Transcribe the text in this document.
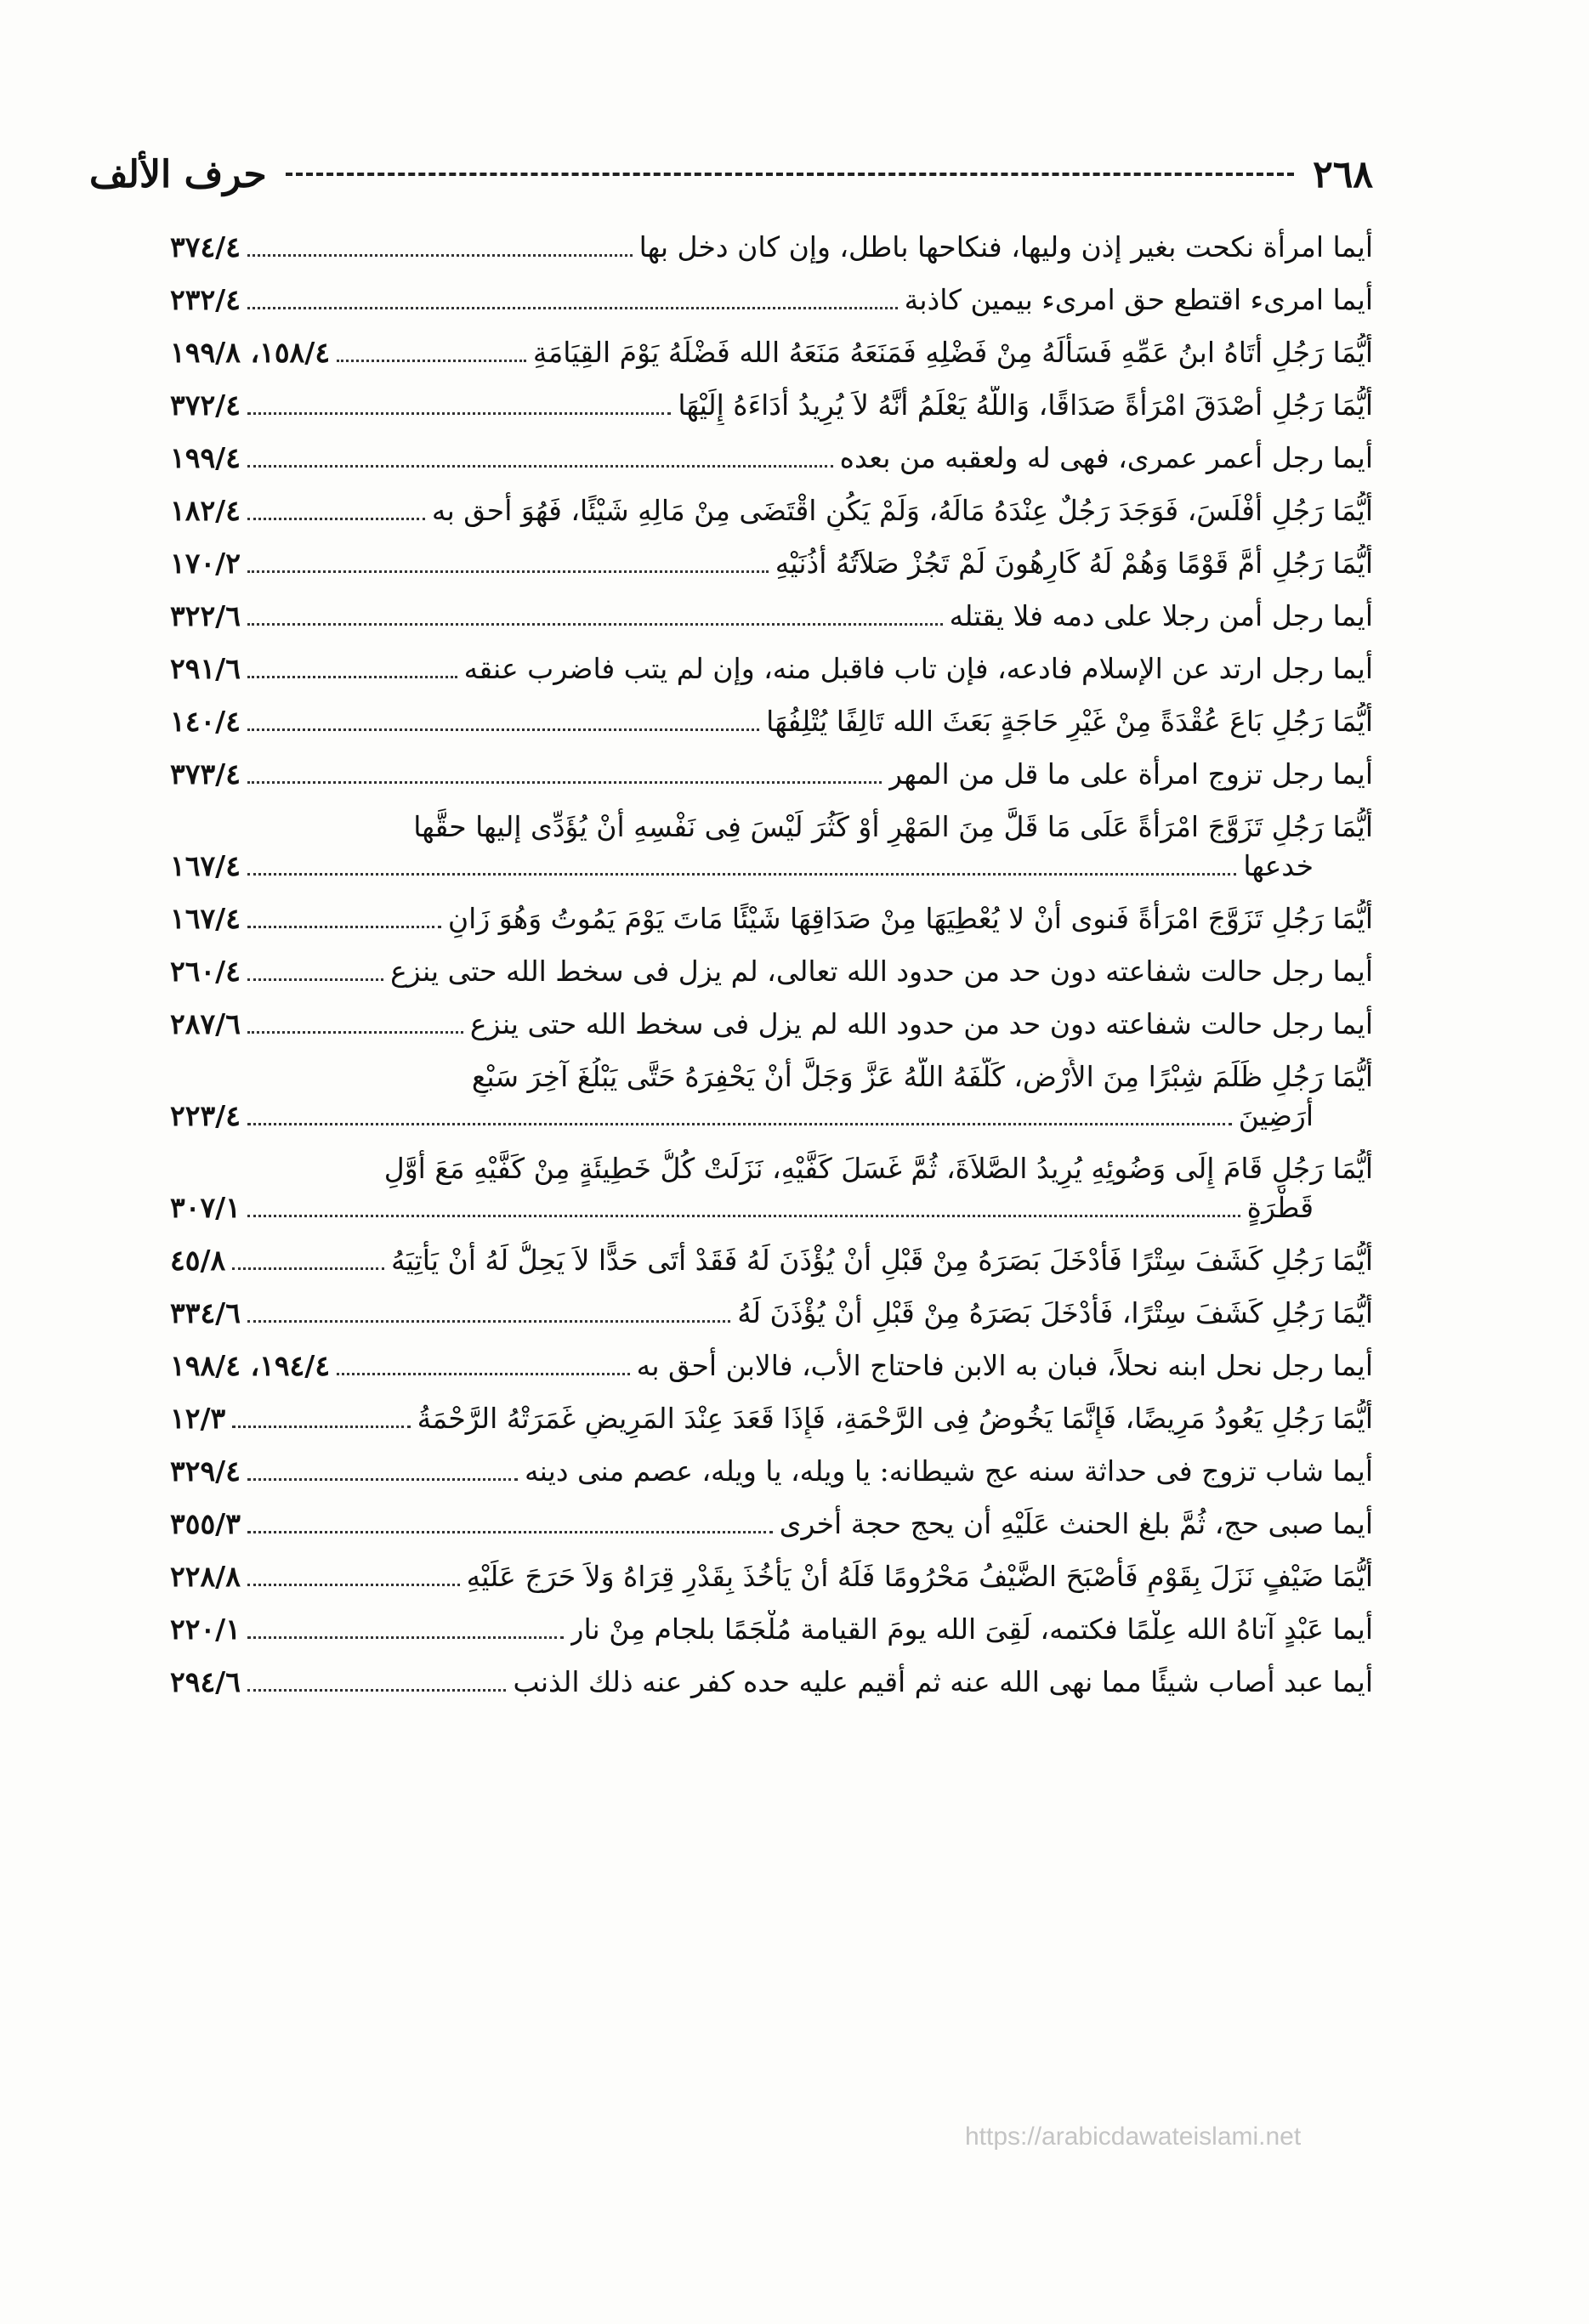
٢٦٨
حرف الألف
أيما امرأة نكحت بغير إذن وليها، فنكاحها باطل، وإن كان دخل بها
٣٧٤/٤
أيما امرىء اقتطع حق امرىء بيمين كاذبة
٢٣٢/٤
أَيُّمَا رَجُلٍ أَتَاهُ ابنُ عَمِّهِ فَسَأَلَهُ مِنْ فَضْلِهِ فَمَنَعَهُ مَنَعَهُ الله فَضْلَهُ يَوْمَ القِيَامَةِ
١٥٨/٤، ١٩٩/٨
أَيُّمَا رَجُلٍ أَصْدَقَ امْرَأَةً صَدَاقًا، وَاللَّهُ يَعْلَمُ أَنَّهُ لاَ يُرِيدُ أَدَاءَهُ إِلَيْهَا
٣٧٢/٤
أيما رجل أعمر عمرى، فهى له ولعقبه من بعده
١٩٩/٤
أَيُّمَا رَجُلٍ أَفْلَسَ، فَوَجَدَ رَجُلٌ عِنْدَهُ مَالَهُ، وَلَمْ يَكُنِ اقْتَضَى مِنْ مَالِهِ شَيْئًا، فَهُوَ أحق به
١٨٢/٤
أَيُّمَا رَجُلٍ أَمَّ قَوْمًا وَهُمْ لَهُ كَارِهُونَ لَمْ تَجُزْ صَلاَتُهُ أُذُنَيْهِ
١٧٠/٢
أيما رجل أمن رجلا على دمه فلا يقتله
٣٢٢/٦
أيما رجل ارتد عن الإسلام فادعه، فإن تاب فاقبل منه، وإن لم يتب فاضرب عنقه
٢٩١/٦
أَيُّمَا رَجُلٍ بَاعَ عُقْدَةً مِنْ غَيْرِ حَاجَةٍ بَعَثَ الله تَالِفًا يُتْلِفُهَا
١٤٠/٤
أيما رجل تزوج امرأة على ما قل من المهر
٣٧٣/٤
أَيُّمَا رَجُلٍ تَزَوَّجَ امْرَأَةً عَلَى مَا قَلَّ مِنَ المَهْرِ أَوْ كَثُرَ لَيْسَ فِى نَفْسِهِ أَنْ يُؤَدِّى إليها حقَّها
خدعها
١٦٧/٤
أَيُّمَا رَجُلٍ تَزَوَّجَ امْرَأَةً فَنوى أَنْ لا يُعْطِيَهَا مِنْ صَدَاقِهَا شَيْئًا مَاتَ يَوْمَ يَمُوتُ وَهُوَ زَانٍ
١٦٧/٤
أيما رجل حالت شفاعته دون حد من حدود الله تعالى، لم يزل فى سخط الله حتى ينزع
٢٦٠/٤
أيما رجل حالت شفاعته دون حد من حدود الله لم يزل فى سخط الله حتى ينزع
٢٨٧/٦
أَيُّمَا رَجُلٍ ظَلَمَ شِبْرًا مِنَ الأَرْضِ، كَلَّفَهُ اللَّهُ عَزَّ وَجَلَّ أَنْ يَحْفِرَهُ حَتَّى يَبْلُغَ آخِرَ سَبْعِ
أَرَضِينَ
٢٢٣/٤
أَيُّمَا رَجُلٍ قَامَ إِلَى وَضُوئِهِ يُرِيدُ الصَّلاَةَ، ثُمَّ غَسَلَ كَفَّيْهِ، نَزَلَتْ كُلُّ خَطِيئَةٍ مِنْ كَفَّيْهِ مَعَ أَوَّلِ
قَطْرَةٍ
٣٠٧/١
أَيُّمَا رَجُلٍ كَشَفَ سِتْرًا فَأَدْخَلَ بَصَرَهُ مِنْ قَبْلِ أَنْ يُؤْذَنَ لَهُ فَقَدْ أَتَى حَدًّا لاَ يَحِلُّ لَهُ أَنْ يَأْتِيَهُ
٤٥/٨
أَيُّمَا رَجُلٍ كَشَفَ سِتْرًا، فَأَدْخَلَ بَصَرَهُ مِنْ قَبْلِ أَنْ يُؤْذَنَ لَهُ
٣٣٤/٦
أيما رجل نحل ابنه نحلاً، فبان به الابن فاحتاج الأب، فالابن أحق به
١٩٤/٤، ١٩٨/٤
أَيُّمَا رَجُلٍ يَعُودُ مَرِيضًا، فَإِنَّمَا يَخُوضُ فِى الرَّحْمَةِ، فَإِذَا قَعَدَ عِنْدَ المَرِيضِ غَمَرَتْهُ الرَّحْمَةُ
١٢/٣
أيما شاب تزوج فى حداثة سنه عج شيطانه: يا ويله، يا ويله، عصم منى دينه
٣٢٩/٤
أيما صبى حج، ثُمَّ بلغ الحنث عَلَيْهِ أن يحج حجة أخرى
٣٥٥/٣
أَيُّمَا ضَيْفٍ نَزَلَ بِقَوْمٍ فَأَصْبَحَ الضَّيْفُ مَحْرُومًا فَلَهُ أَنْ يَأْخُذَ بِقَدْرِ قِرَاهُ وَلاَ حَرَجَ عَلَيْهِ
٢٢٨/٨
أيما عَبْدٍ آتاهُ الله عِلْمًا فكتمه، لَقِىَ الله يومَ القيامة مُلْجَمًا بلجام مِنْ نار
٢٢٠/١
أيما عبد أصاب شيئًا مما نهى الله عنه ثم أقيم عليه حده كفر عنه ذلك الذنب
٢٩٤/٦
https://arabicdawateislami.net
